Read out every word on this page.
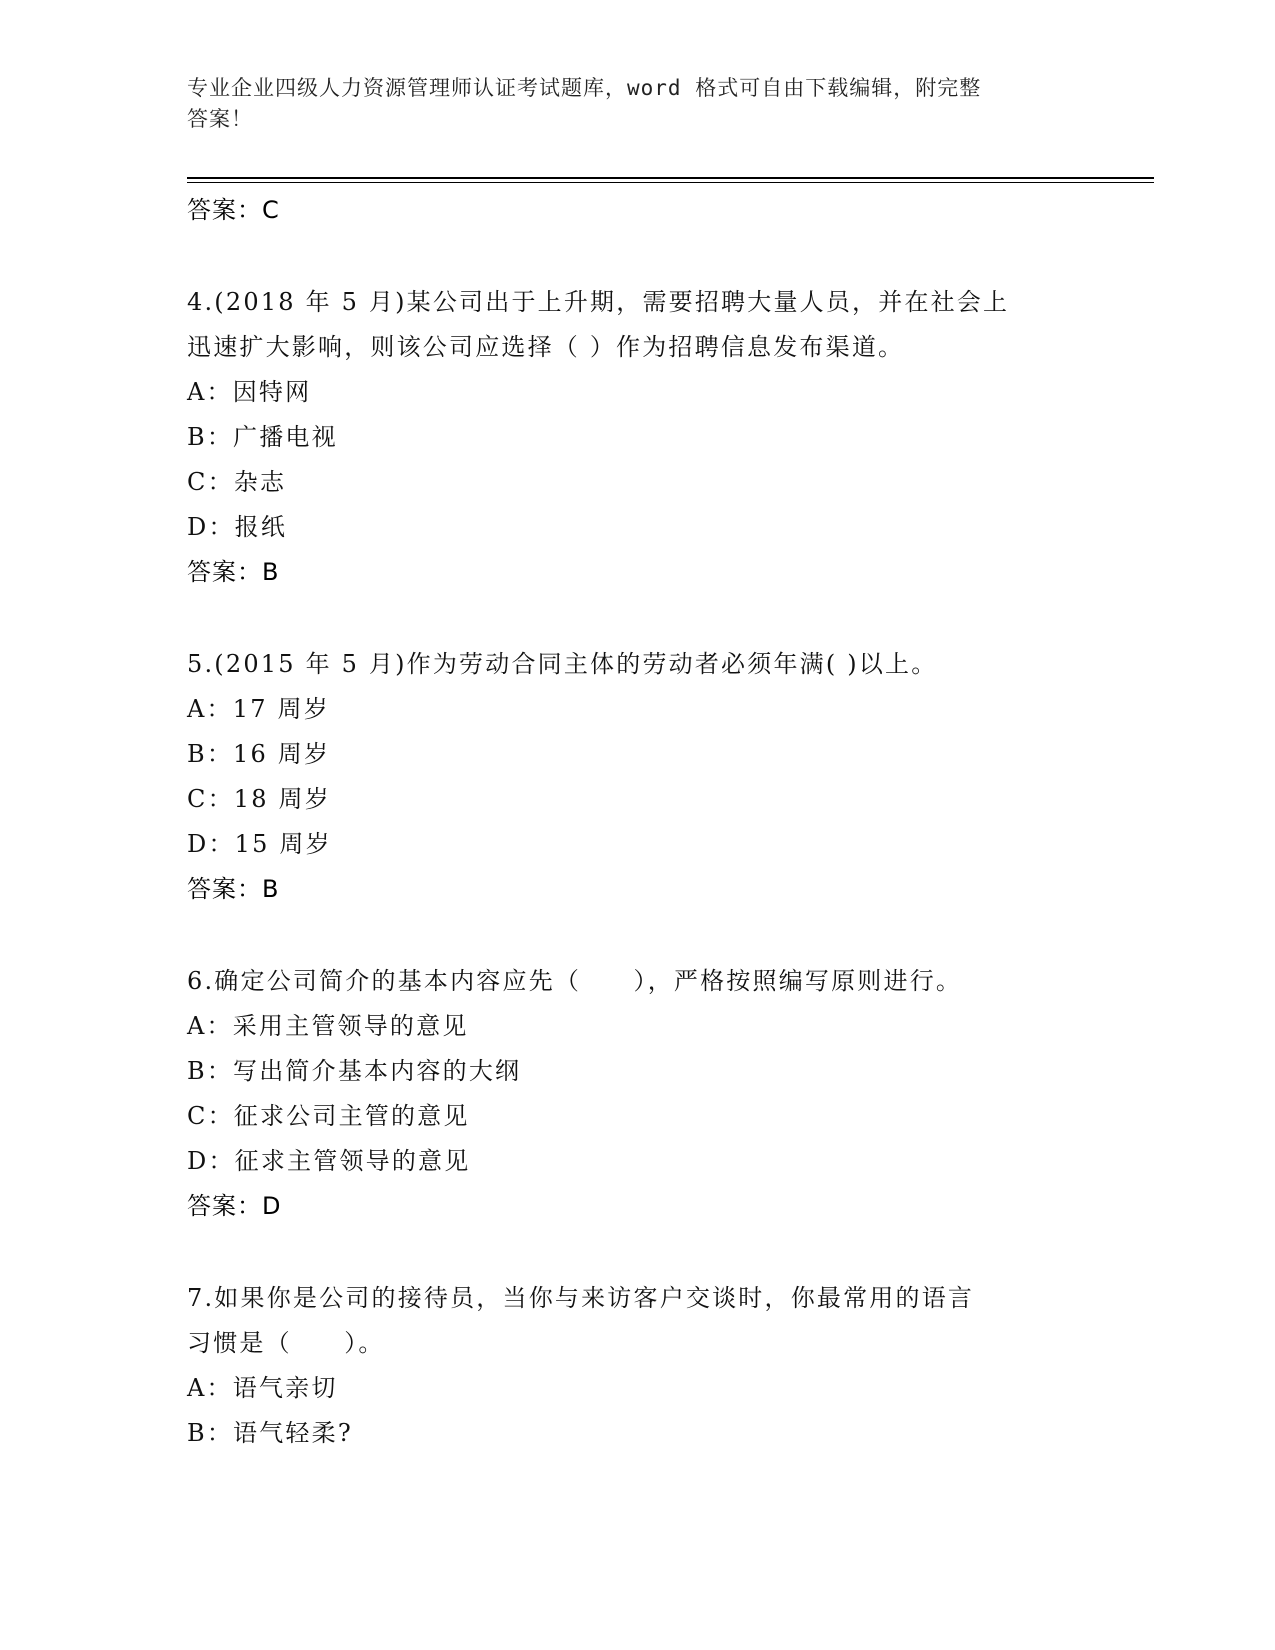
专业企业四级人力资源管理师认证考试题库，word 格式可自由下载编辑，附完整
答案！
答案：C
4.(2018 年 5 月)某公司出于上升期，需要招聘大量人员，并在社会上
迅速扩大影响，则该公司应选择（ ）作为招聘信息发布渠道。
A：因特网
B：广播电视
C：杂志
D：报纸
答案：B
5.(2015 年 5 月)作为劳动合同主体的劳动者必须年满( )以上。
A：17 周岁
B：16 周岁
C：18 周岁
D：15 周岁
答案：B
6.确定公司简介的基本内容应先（　　），严格按照编写原则进行。
A：采用主管领导的意见
B：写出简介基本内容的大纲
C：征求公司主管的意见
D：征求主管领导的意见
答案：D
7.如果你是公司的接待员，当你与来访客户交谈时，你最常用的语言
习惯是（　　）。
A：语气亲切
B：语气轻柔?
